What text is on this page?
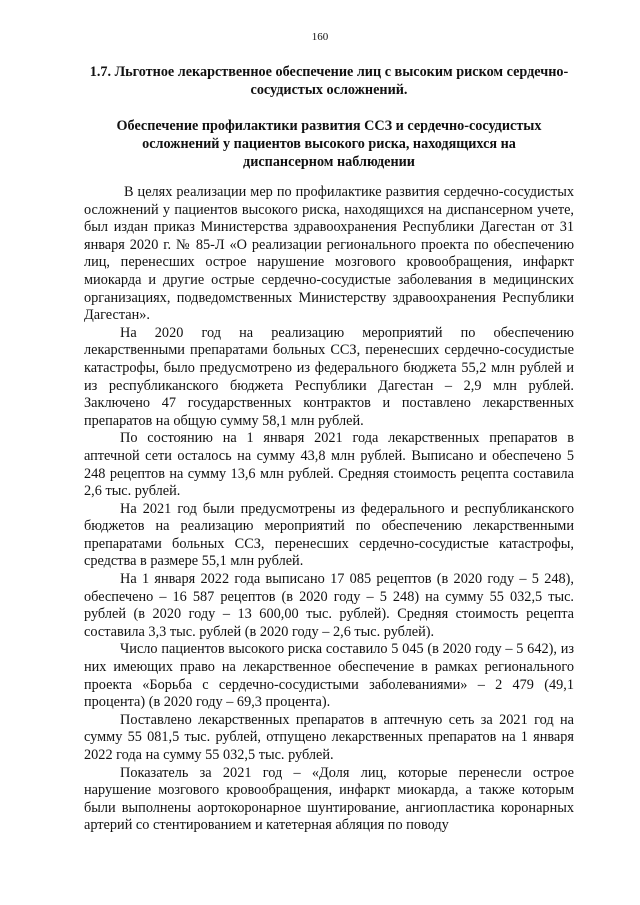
160
1.7. Льготное лекарственное обеспечение лиц с высоким риском сердечно-сосудистых осложнений.
Обеспечение профилактики развития ССЗ и сердечно-сосудистых осложнений у пациентов высокого риска, находящихся на диспансерном наблюдении

В целях реализации мер по профилактике развития сердечно-сосудистых осложнений у пациентов высокого риска, находящихся на диспансерном учете, был издан приказ Министерства здравоохранения Республики Дагестан от 31 января 2020 г. № 85-Л «О реализации регионального проекта по обеспечению лиц, перенесших острое нарушение мозгового кровообращения, инфаркт миокарда и другие острые сердечно-сосудистые заболевания в медицинских организациях, подведомственных Министерству здравоохранения Республики Дагестан».

На 2020 год на реализацию мероприятий по обеспечению лекарственными препаратами больных ССЗ, перенесших сердечно-сосудистые катастрофы, было предусмотрено из федерального бюджета 55,2 млн рублей и из республиканского бюджета Республики Дагестан – 2,9 млн рублей. Заключено 47 государственных контрактов и поставлено лекарственных препаратов на общую сумму 58,1 млн рублей.

По состоянию на 1 января 2021 года лекарственных препаратов в аптечной сети осталось на сумму 43,8 млн рублей. Выписано и обеспечено 5 248 рецептов на сумму 13,6 млн рублей. Средняя стоимость рецепта составила 2,6 тыс. рублей.

На 2021 год были предусмотрены из федерального и республиканского бюджетов на реализацию мероприятий по обеспечению лекарственными препаратами больных ССЗ, перенесших сердечно-сосудистые катастрофы, средства в размере 55,1 млн рублей.

На 1 января 2022 года выписано 17 085 рецептов (в 2020 году – 5 248), обеспечено – 16 587 рецептов (в 2020 году – 5 248) на сумму 55 032,5 тыс. рублей (в 2020 году – 13 600,00 тыс. рублей). Средняя стоимость рецепта составила 3,3 тыс. рублей (в 2020 году – 2,6 тыс. рублей).

Число пациентов высокого риска составило 5 045 (в 2020 году – 5 642), из них имеющих право на лекарственное обеспечение в рамках регионального проекта «Борьба с сердечно-сосудистыми заболеваниями» – 2 479 (49,1 процента) (в 2020 году – 69,3 процента).

Поставлено лекарственных препаратов в аптечную сеть за 2021 год на сумму 55 081,5 тыс. рублей, отпущено лекарственных препаратов на 1 января 2022 года на сумму 55 032,5 тыс. рублей.

Показатель за 2021 год – «Доля лиц, которые перенесли острое нарушение мозгового кровообращения, инфаркт миокарда, а также которым были выполнены аортокоронарное шунтирование, ангиопластика коронарных артерий со стентированием и катетерная абляция по поводу
